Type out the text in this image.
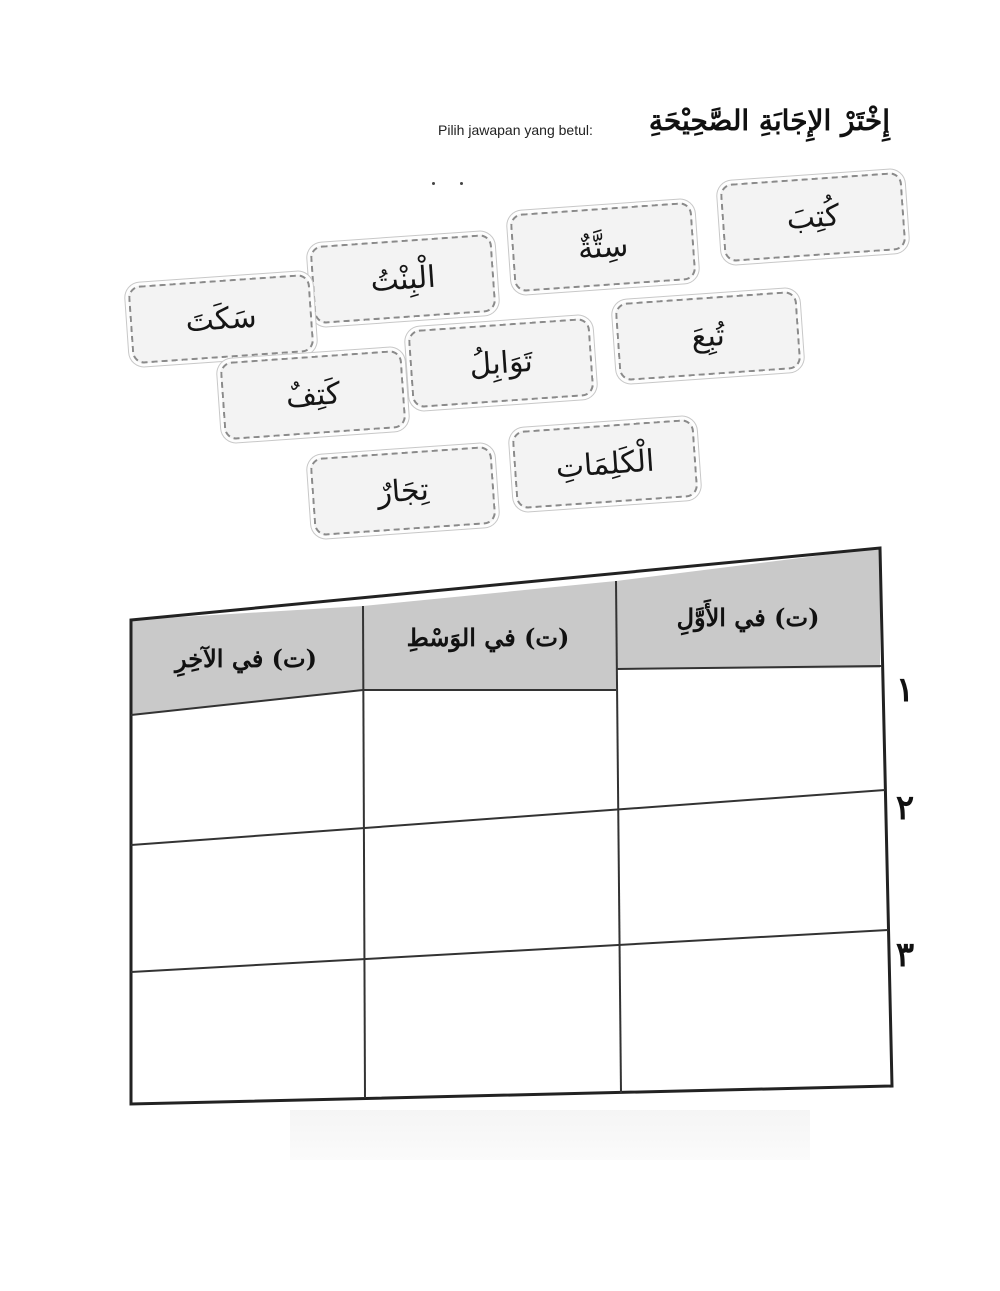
Pilih jawapan yang betul:	إِخْتَرْ الإِجَابَةِ الصَّحِيْحَةِ
كُتِبَ
سِتَّةٌ
الْبِنْتُ
سَكَتَ	تُبِعَ
تَوَابِلُ
كَتِفٌ
الْكَلِمَاتِ
تِجَارٌ
(ت) في الأَوَّلِ
(ت) في الوَسْطِ
(ت) في الآخِرِ
١
٢
٣
